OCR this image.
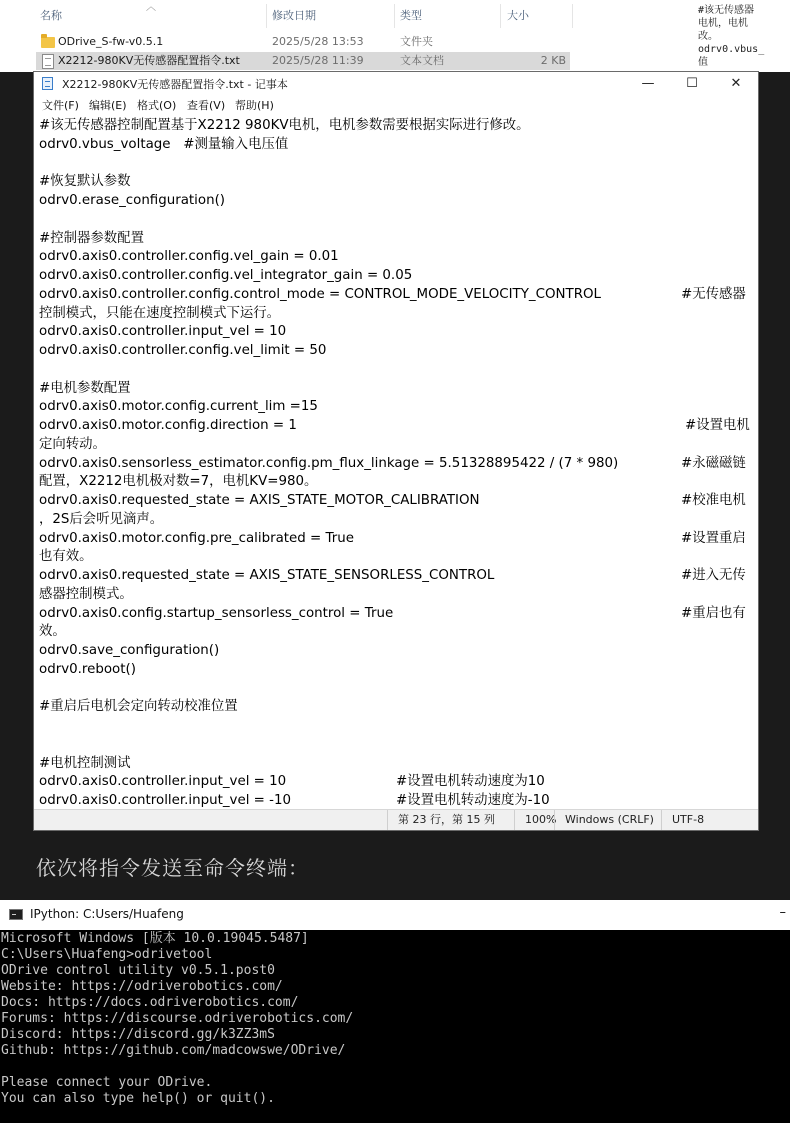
︿
名称	修改日期	类型	大小
ODrive_S-fw-v0.5.1	2025/5/28 13:53	文件夹
X2212-980KV无传感器配置指令.txt	2025/5/28 11:39	文本文档	2 KB
#该无传感器
电机，电机
改。
odrv0.vbus_
值
X2212-980KV无传感器配置指令.txt - 记事本	—	☐	✕
文件(F) 编辑(E) 格式(O) 查看(V) 帮助(H)
#该无传感器控制配置基于X2212 980KV电机，电机参数需要根据实际进行修改。
odrv0.vbus_voltage   #测量输入电压值
#恢复默认参数
odrv0.erase_configuration()
#控制器参数配置
odrv0.axis0.controller.config.vel_gain = 0.01
odrv0.axis0.controller.config.vel_integrator_gain = 0.05
odrv0.axis0.controller.config.control_mode = CONTROL_MODE_VELOCITY_CONTROL	#无传感器
控制模式，只能在速度控制模式下运行。
odrv0.axis0.controller.input_vel = 10
odrv0.axis0.controller.config.vel_limit = 50
#电机参数配置
odrv0.axis0.motor.config.current_lim =15
odrv0.axis0.motor.config.direction = 1	#设置电机
定向转动。
odrv0.axis0.sensorless_estimator.config.pm_flux_linkage = 5.51328895422 / (7 * 980)	#永磁磁链
配置，X2212电机极对数=7，电机KV=980。
odrv0.axis0.requested_state = AXIS_STATE_MOTOR_CALIBRATION	#校准电机
，2S后会听见滴声。
odrv0.axis0.motor.config.pre_calibrated = True	#设置重启
也有效。
odrv0.axis0.requested_state = AXIS_STATE_SENSORLESS_CONTROL	#进入无传
感器控制模式。
odrv0.axis0.config.startup_sensorless_control = True	#重启也有
效。
odrv0.save_configuration()
odrv0.reboot()
#重启后电机会定向转动校准位置
#电机控制测试
odrv0.axis0.controller.input_vel = 10	#设置电机转动速度为10
odrv0.axis0.controller.input_vel = -10	#设置电机转动速度为-10
第 23 行，第 15 列	100% Windows (CRLF)	UTF-8
依次将指令发送至命令终端：
IPython: C:Users/Huafeng	–
Microsoft Windows [版本 10.0.19045.5487]
C:\Users\Huafeng>odrivetool
ODrive control utility v0.5.1.post0
Website: https://odriverobotics.com/
Docs: https://docs.odriverobotics.com/
Forums: https://discourse.odriverobotics.com/
Discord: https://discord.gg/k3ZZ3mS
Github: https://github.com/madcowswe/ODrive/
Please connect your ODrive.
You can also type help() or quit().
